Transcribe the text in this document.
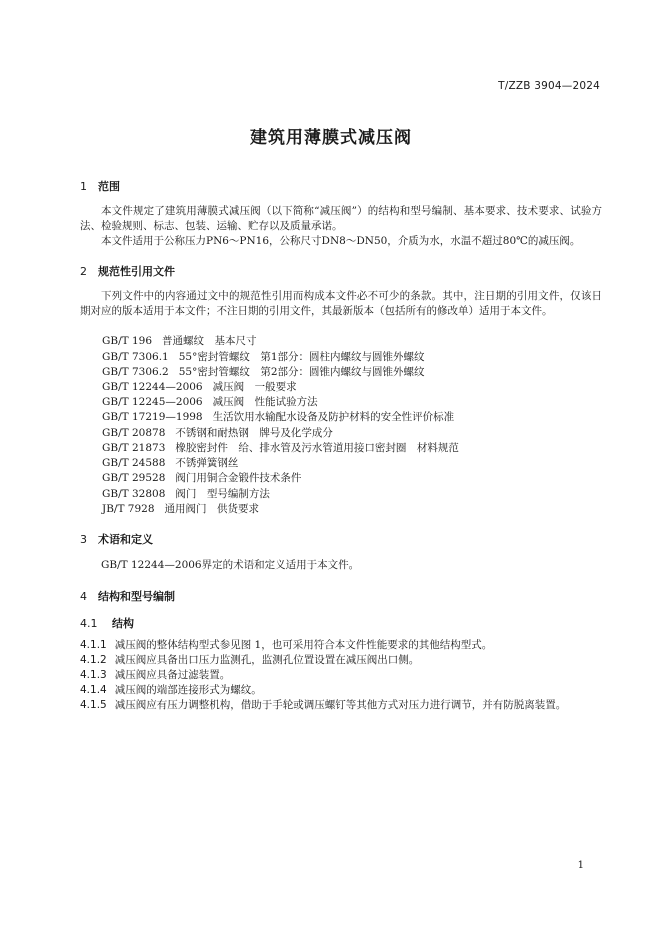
T/ZZB 3904—2024
建筑用薄膜式减压阀
1 范围
本文件规定了建筑用薄膜式减压阀（以下简称“减压阀”）的结构和型号编制、基本要求、技术要求、试验方法、检验规则、标志、包装、运输、贮存以及质量承诺。
本文件适用于公称压力PN6～PN16，公称尺寸DN8～DN50，介质为水，水温不超过80℃的减压阀。
2 规范性引用文件
下列文件中的内容通过文中的规范性引用而构成本文件必不可少的条款。其中，注日期的引用文件，仅该日期对应的版本适用于本文件；不注日期的引用文件，其最新版本（包括所有的修改单）适用于本文件。
GB/T 196 普通螺纹　基本尺寸
GB/T 7306.1 55°密封管螺纹　第1部分：圆柱内螺纹与圆锥外螺纹
GB/T 7306.2 55°密封管螺纹　第2部分：圆锥内螺纹与圆锥外螺纹
GB/T 12244—2006 减压阀　一般要求
GB/T 12245—2006 减压阀　性能试验方法
GB/T 17219—1998 生活饮用水输配水设备及防护材料的安全性评价标准
GB/T 20878 不锈钢和耐热钢　牌号及化学成分
GB/T 21873 橡胶密封件　给、排水管及污水管道用接口密封圈　材料规范
GB/T 24588 不锈弹簧钢丝
GB/T 29528 阀门用铜合金锻件技术条件
GB/T 32808 阀门　型号编制方法
JB/T 7928 通用阀门　供货要求
3 术语和定义
GB/T 12244—2006界定的术语和定义适用于本文件。
4 结构和型号编制
4.1 结构
4.1.1 减压阀的整体结构型式参见图 1，也可采用符合本文件性能要求的其他结构型式。
4.1.2 减压阀应具备出口压力监测孔，监测孔位置设置在减压阀出口侧。
4.1.3 减压阀应具备过滤装置。
4.1.4 减压阀的端部连接形式为螺纹。
4.1.5 减压阀应有压力调整机构，借助于手轮或调压螺钉等其他方式对压力进行调节，并有防脱离装置。
1
